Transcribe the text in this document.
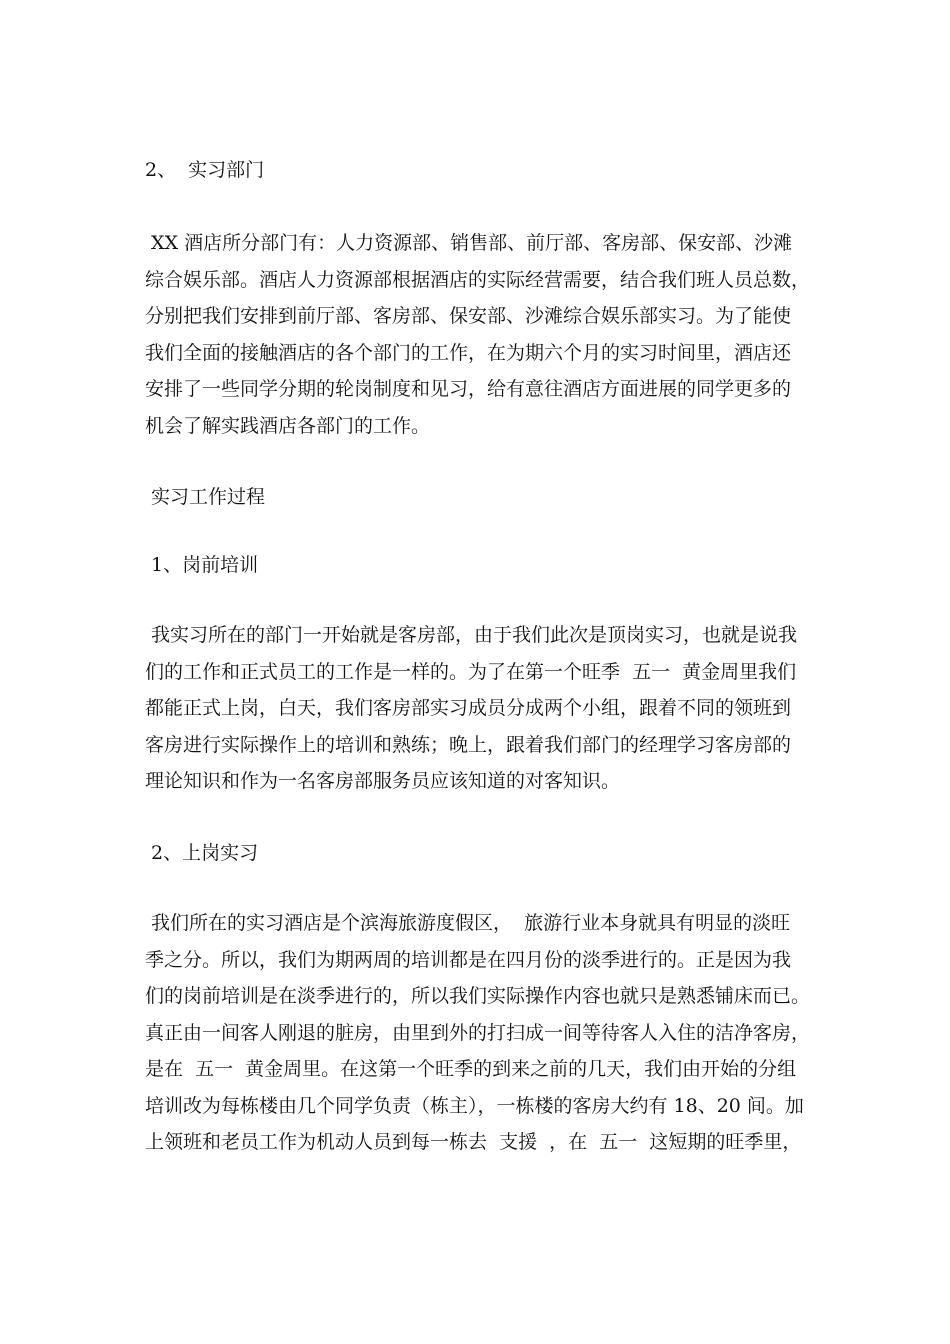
2、  实习部门

XX 酒店所分部门有：人力资源部、销售部、前厅部、客房部、保安部、沙滩
综合娱乐部。酒店人力资源部根据酒店的实际经营需要，结合我们班人员总数，
分别把我们安排到前厅部、客房部、保安部、沙滩综合娱乐部实习。为了能使
我们全面的接触酒店的各个部门的工作，在为期六个月的实习时间里，酒店还
安排了一些同学分期的轮岗制度和见习，给有意往酒店方面进展的同学更多的
机会了解实践酒店各部门的工作。

实习工作过程

1、岗前培训

我实习所在的部门一开始就是客房部，由于我们此次是顶岗实习，也就是说我
们的工作和正式员工的工作是一样的。为了在第一个旺季  五一  黄金周里我们
都能正式上岗，白天，我们客房部实习成员分成两个小组，跟着不同的领班到
客房进行实际操作上的培训和熟练；晚上，跟着我们部门的经理学习客房部的
理论知识和作为一名客房部服务员应该知道的对客知识。

2、上岗实习

我们所在的实习酒店是个滨海旅游度假区，  旅游行业本身就具有明显的淡旺
季之分。所以，我们为期两周的培训都是在四月份的淡季进行的。正是因为我
们的岗前培训是在淡季进行的，所以我们实际操作内容也就只是熟悉铺床而已。
真正由一间客人刚退的脏房，由里到外的打扫成一间等待客人入住的洁净客房，
是在  五一  黄金周里。在这第一个旺季的到来之前的几天，我们由开始的分组
培训改为每栋楼由几个同学负责（栋主），一栋楼的客房大约有 18、20 间。加
上领班和老员工作为机动人员到每一栋去  支援  ，在  五一  这短期的旺季里，
